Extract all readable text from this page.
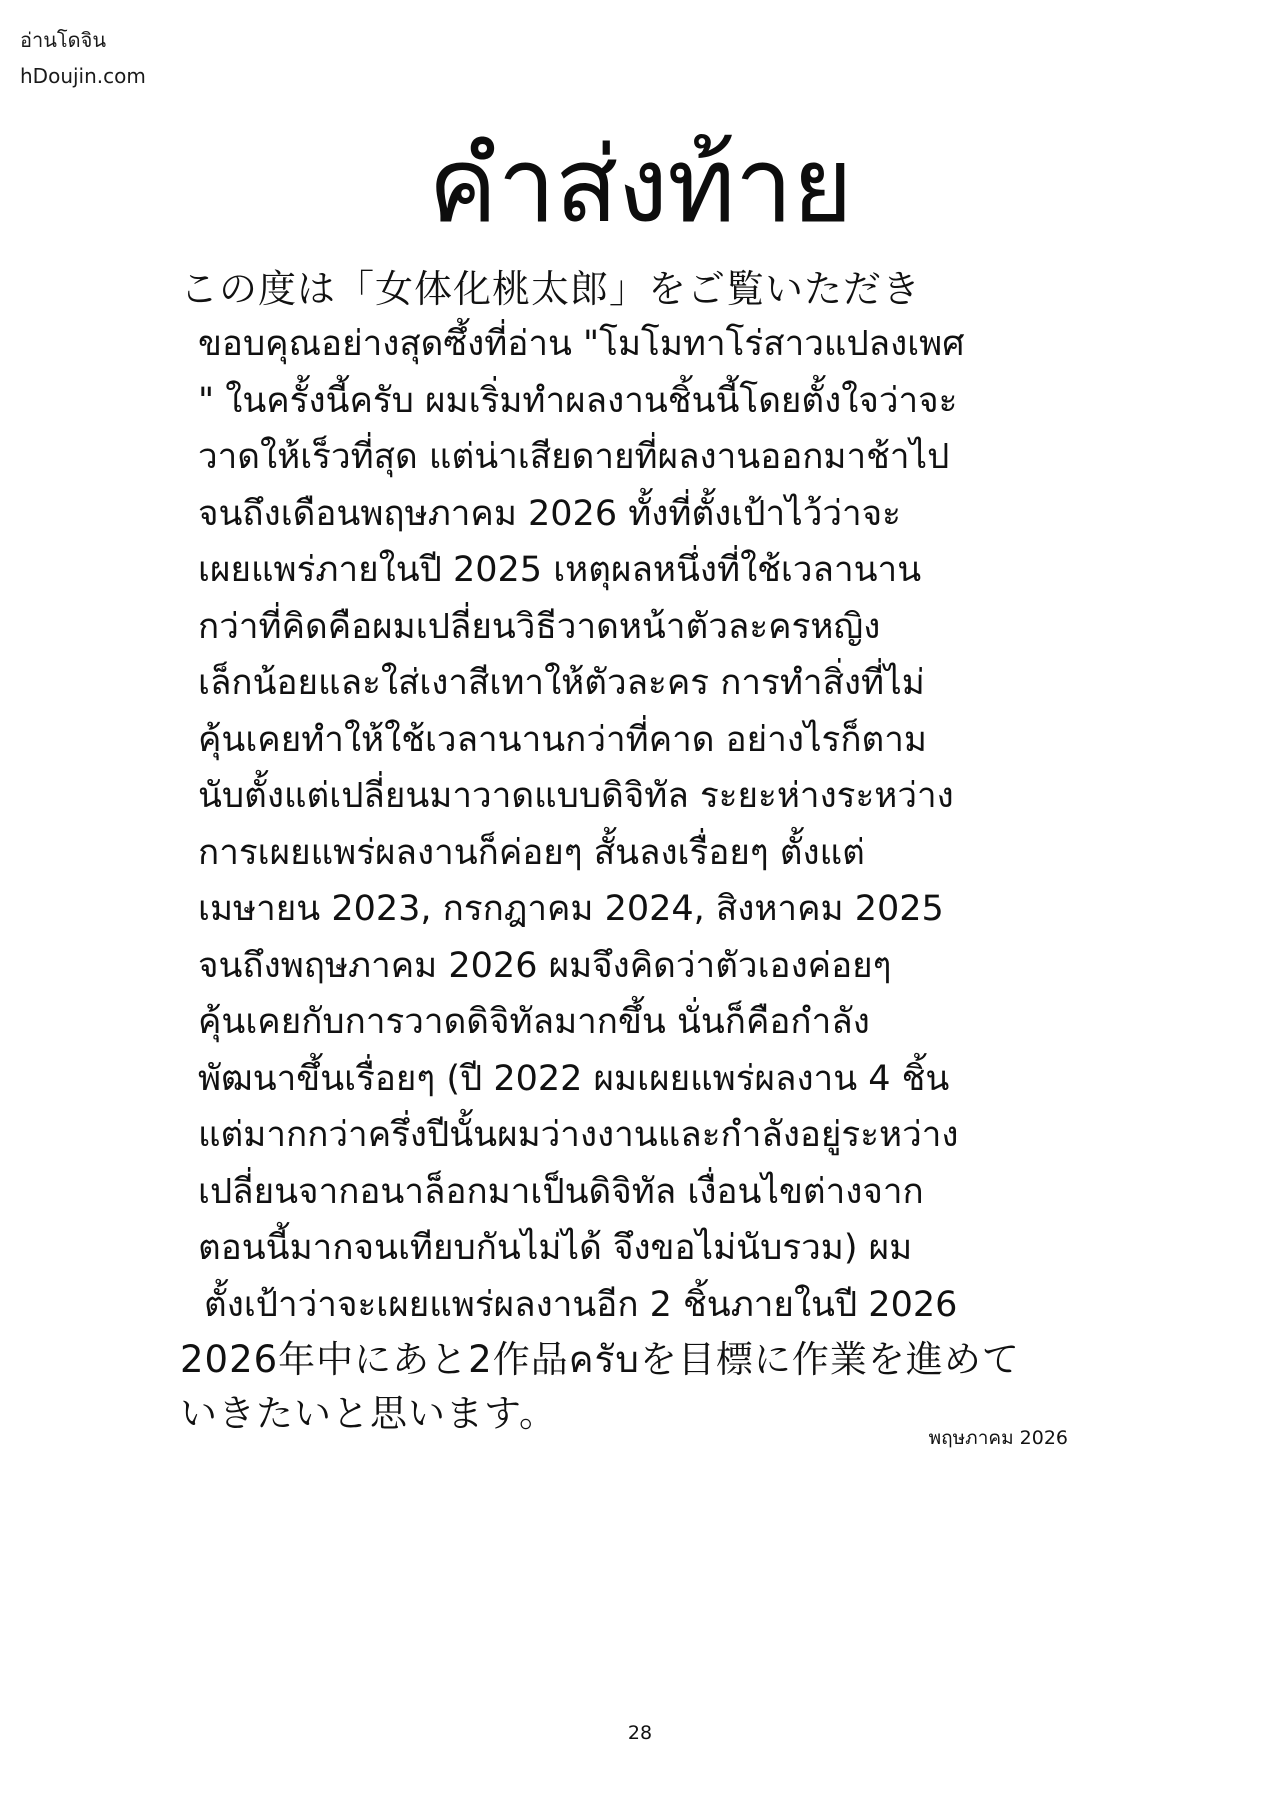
อ่านโดจิน
hDoujin.com
คำส่งท้าย
この度は「女体化桃太郎」をご覧いただき
ขอบคุณอย่างสุดซึ้งที่อ่าน "โมโมทาโร่สาวแปลงเพศ
" ในครั้งนี้ครับ ผมเริ่มทำผลงานชิ้นนี้โดยตั้งใจว่าจะ
วาดให้เร็วที่สุด แต่น่าเสียดายที่ผลงานออกมาช้าไป
จนถึงเดือนพฤษภาคม 2026 ทั้งที่ตั้งเป้าไว้ว่าจะ
เผยแพร่ภายในปี 2025 เหตุผลหนึ่งที่ใช้เวลานาน
กว่าที่คิดคือผมเปลี่ยนวิธีวาดหน้าตัวละครหญิง
เล็กน้อยและใส่เงาสีเทาให้ตัวละคร การทำสิ่งที่ไม่
คุ้นเคยทำให้ใช้เวลานานกว่าที่คาด อย่างไรก็ตาม
นับตั้งแต่เปลี่ยนมาวาดแบบดิจิทัล ระยะห่างระหว่าง
การเผยแพร่ผลงานก็ค่อยๆ สั้นลงเรื่อยๆ ตั้งแต่
เมษายน 2023, กรกฎาคม 2024, สิงหาคม 2025
จนถึงพฤษภาคม 2026 ผมจึงคิดว่าตัวเองค่อยๆ
คุ้นเคยกับการวาดดิจิทัลมากขึ้น นั่นก็คือกำลัง
พัฒนาขึ้นเรื่อยๆ (ปี 2022 ผมเผยแพร่ผลงาน 4 ชิ้น
แต่มากกว่าครึ่งปีนั้นผมว่างงานและกำลังอยู่ระหว่าง
เปลี่ยนจากอนาล็อกมาเป็นดิจิทัล เงื่อนไขต่างจาก
ตอนนี้มากจนเทียบกันไม่ได้ จึงขอไม่นับรวม) ผม
ตั้งเป้าว่าจะเผยแพร่ผลงานอีก 2 ชิ้นภายในปี 2026
2026年中にあと2作品ครับを目標に作業を進めて
いきたいと思います。
พฤษภาคม 2026
28
